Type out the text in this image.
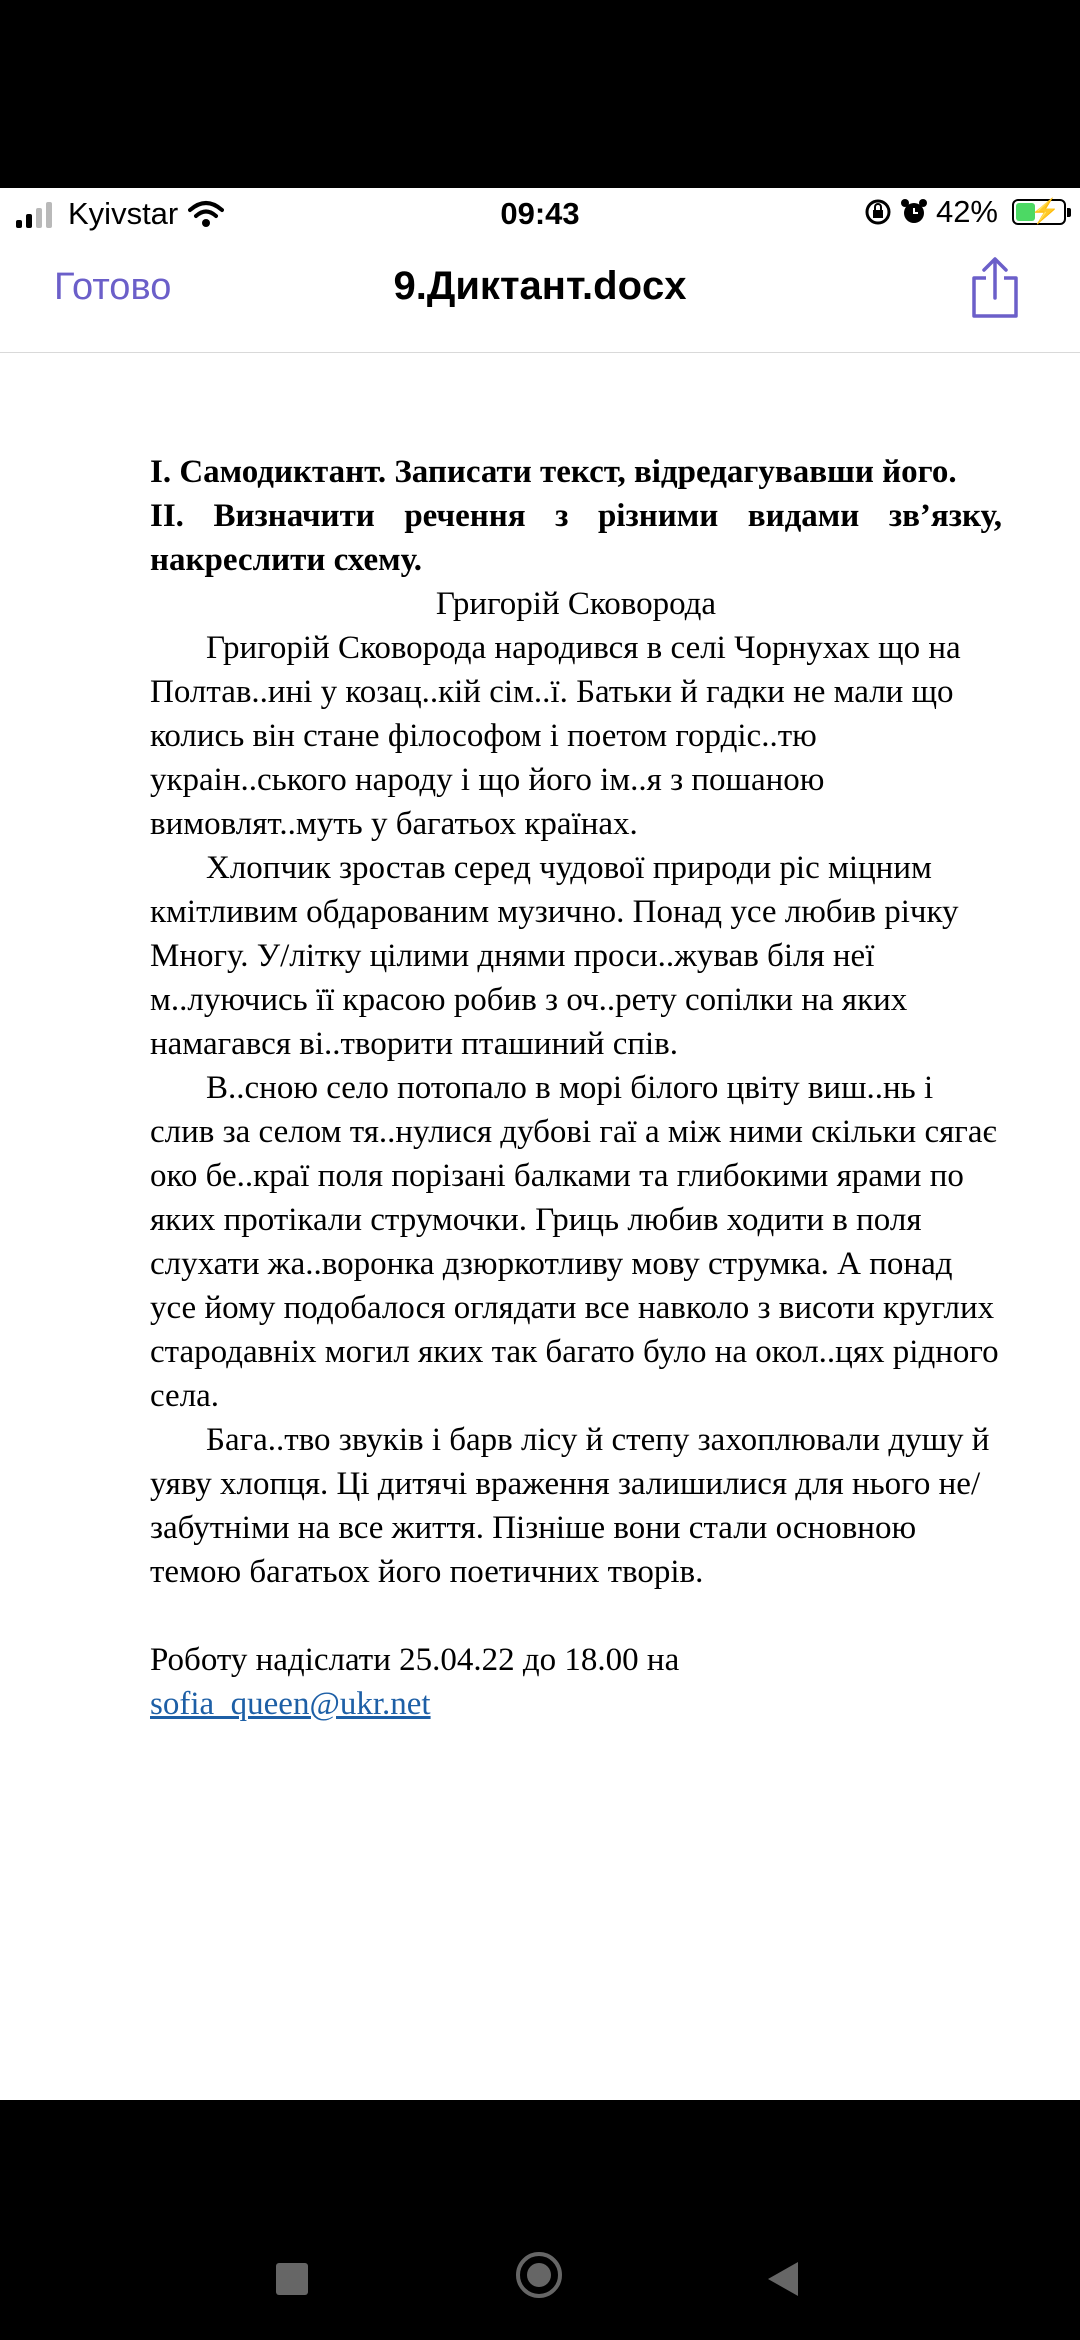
Kyivstar	09:43	42% ⚡
Готово	9.Диктант.docx

І. Самодиктант. Записати текст, відредагувавши його.

ІІ. Визначити речення з різними видами зв’язку, накреслити схему.

Григорій Сковорода

Григорій Сковорода народився в селі Чорнухах що на Полтав..ині у козац..кій сім..ї. Батьки й гадки не мали що колись він стане філософом і поетом гордіс..тю украін..ського народу і що його ім..я з пошаною вимовлят..муть у багатьох країнах.

Хлопчик зростав серед чудової природи ріс міцним кмітливим обдарованим музично. Понад усе любив річку Многу. У/літку цілими днями проси..жував біля неї м..луючись її красою робив з оч..рету сопілки на яких намагався ві..творити пташиний спів.

В..сною село потопало в морі білого цвіту виш..нь і слив за селом тя..нулися дубові гаї а між ними скільки сягає око бе..краї поля порізані балками та глибокими ярами по яких протікали струмочки. Гриць любив ходити в поля слухати жа..воронка дзюркотливу мову струмка. А понад усе йому подобалося оглядати все навколо з висоти круглих стародавніх могил яких так багато було на окол..цях рідного села.

Бага..тво звуків і барв лісу й степу захоплювали душу й уяву хлопця. Ці дитячі враження залишилися для нього не/забутніми на все життя. Пізніше вони стали основною темою багатьох його поетичних творів.

Роботу надіслати 25.04.22 до 18.00 на
sofia_queen@ukr.net
